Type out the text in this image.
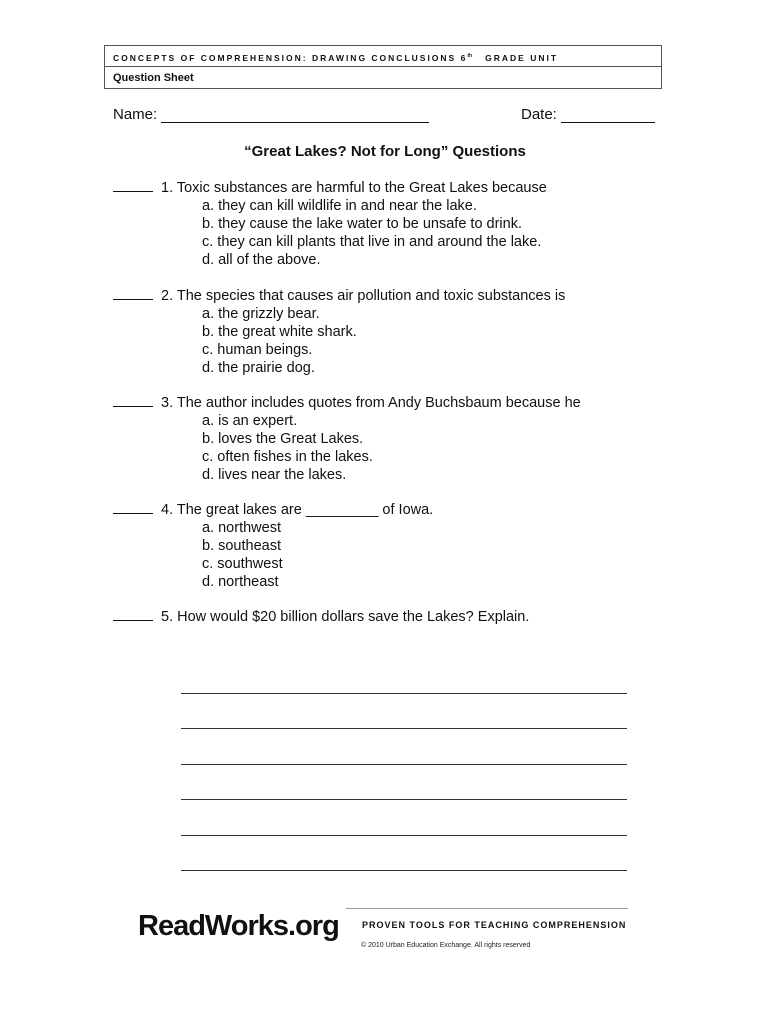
CONCEPTS OF COMPREHENSION: DRAWING CONCLUSIONS 6th GRADE UNIT
Question Sheet
Name:	Date:
“Great Lakes? Not for Long” Questions
1. Toxic substances are harmful to the Great Lakes because
a. they can kill wildlife in and near the lake.
b. they cause the lake water to be unsafe to drink.
c. they can kill plants that live in and around the lake.
d. all of the above.
2. The species that causes air pollution and toxic substances is
a. the grizzly bear.
b. the great white shark.
c. human beings.
d. the prairie dog.
3. The author includes quotes from Andy Buchsbaum because he
a. is an expert.
b. loves the Great Lakes.
c. often fishes in the lakes.
d. lives near the lakes.
4. The great lakes are _________ of Iowa.
a. northwest
b. southeast
c. southwest
d. northeast
5. How would $20 billion dollars save the Lakes? Explain.
ReadWorks.org	PROVEN TOOLS FOR TEACHING COMPREHENSION
© 2010 Urban Education Exchange. All rights reserved
